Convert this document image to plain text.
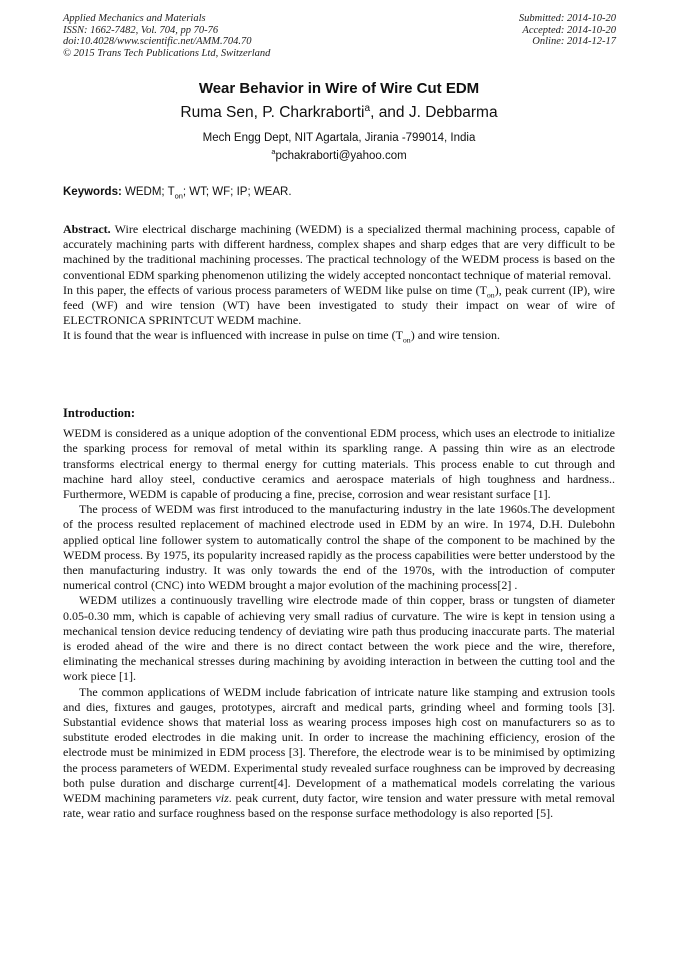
Applied Mechanics and Materials
ISSN: 1662-7482, Vol. 704, pp 70-76
doi:10.4028/www.scientific.net/AMM.704.70
© 2015 Trans Tech Publications Ltd, Switzerland
Submitted: 2014-10-20
Accepted: 2014-10-20
Online: 2014-12-17
Wear Behavior in Wire of Wire Cut EDM
Ruma Sen, P. Charkraborti$^a$, and J. Debbarma
Mech Engg Dept, NIT Agartala, Jirania -799014, India
$^a$pchakraborti@yahoo.com
Keywords: WEDM; $T_{on}$; WT; WF; IP; WEAR.

Abstract. Wire electrical discharge machining (WEDM) is a specialized thermal machining process, capable of accurately machining parts with different hardness, complex shapes and sharp edges that are very difficult to be machined by the traditional machining processes. The practical technology of the WEDM process is based on the conventional EDM sparking phenomenon utilizing the widely accepted noncontact technique of material removal.

In this paper, the effects of various process parameters of WEDM like pulse on time $(T_{on})$, peak current (IP), wire feed (WF) and wire tension (WT) have been investigated to study their impact on wear of wire of ELECTRONICA SPRINTCUT WEDM machine.

It is found that the wear is influenced with increase in pulse on time $(T_{on})$ and wire tension.

Introduction:

WEDM is considered as a unique adoption of the conventional EDM process, which uses an electrode to initialize the sparking process for removal of metal within its sparkling range. A passing thin wire as an electrode transforms electrical energy to thermal energy for cutting materials. This process enable to cut through and machine hard alloy steel, conductive ceramics and aerospace materials of high toughness and hardness.. Furthermore, WEDM is capable of producing a fine, precise, corrosion and wear resistant surface [1].

The process of WEDM was first introduced to the manufacturing industry in the late 1960s.The development of the process resulted replacement of machined electrode used in EDM by an wire. In 1974, D.H. Dulebohn applied optical line follower system to automatically control the shape of the component to be machined by the WEDM process. By 1975, its popularity increased rapidly as the process capabilities were better understood by the then manufacturing industry. It was only towards the end of the 1970s, with the introduction of computer numerical control (CNC) into WEDM brought a major evolution of the machining process[2] .

WEDM utilizes a continuously travelling wire electrode made of thin copper, brass or tungsten of diameter 0.05-0.30 mm, which is capable of achieving very small radius of curvature. The wire is kept in tension using a mechanical tension device reducing tendency of deviating wire path thus producing inaccurate parts. The material is eroded ahead of the wire and there is no direct contact between the work piece and the wire, therefore, eliminating the mechanical stresses during machining by avoiding interaction in between the cutting tool and the work piece [1].

The common applications of WEDM include fabrication of intricate nature like stamping and extrusion tools and dies, fixtures and gauges, prototypes, aircraft and medical parts, grinding wheel and forming tools [3]. Substantial evidence shows that material loss as wearing process imposes high cost on manufacturers so as to substitute eroded electrodes in die making unit. In order to increase the machining efficiency, erosion of the electrode must be minimized in EDM process [3]. Therefore, the electrode wear is to be minimised by optimizing the process parameters of WEDM. Experimental study revealed surface roughness can be improved by decreasing both pulse duration and discharge current[4]. Development of a mathematical models correlating the various WEDM machining parameters viz. peak current, duty factor, wire tension and water pressure with metal removal rate, wear ratio and surface roughness based on the response surface methodology is also reported [5].
